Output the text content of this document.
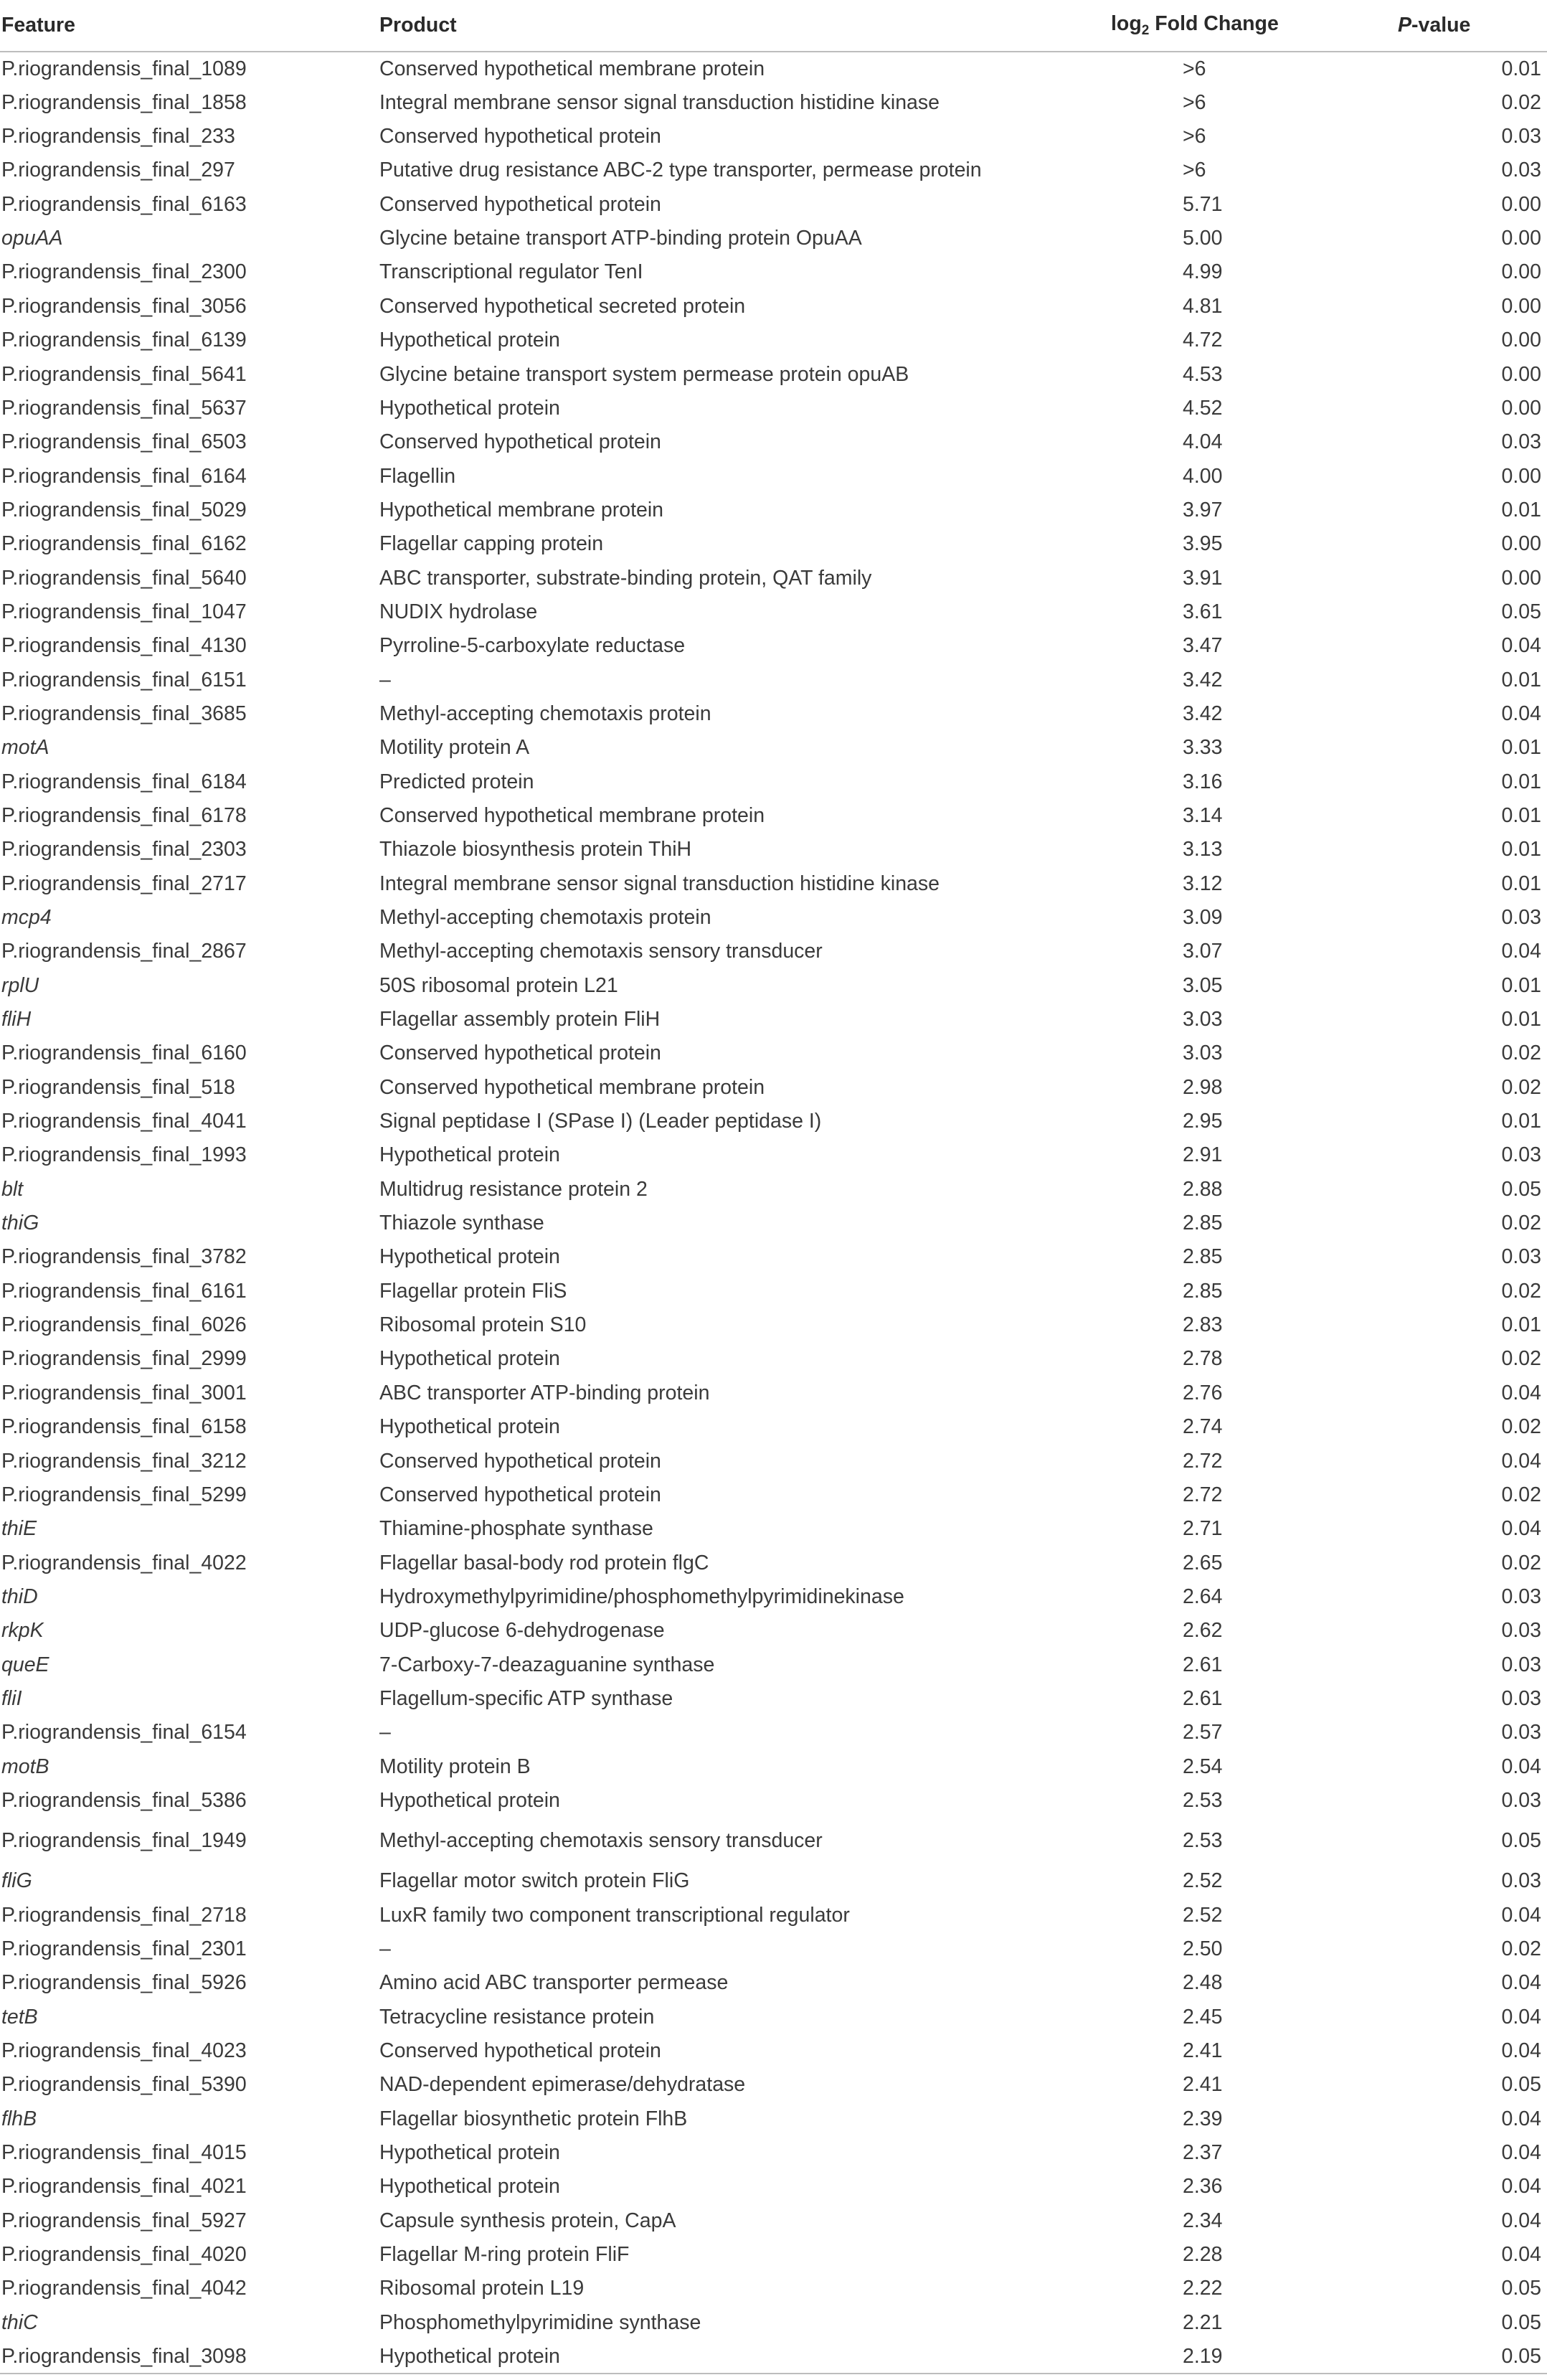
Feature	Product	$\log_2$ Fold Change	P-value
P.riograndensis_final_1089	Conserved hypothetical membrane protein	>6	0.01
P.riograndensis_final_1858	Integral membrane sensor signal transduction histidine kinase	>6	0.02
P.riograndensis_final_233	Conserved hypothetical protein	>6	0.03
P.riograndensis_final_297	Putative drug resistance ABC-2 type transporter, permease protein	>6	0.03
P.riograndensis_final_6163	Conserved hypothetical protein	5.71	0.00
opuAA	Glycine betaine transport ATP-binding protein OpuAA	5.00	0.00
P.riograndensis_final_2300	Transcriptional regulator TenI	4.99	0.00
P.riograndensis_final_3056	Conserved hypothetical secreted protein	4.81	0.00
P.riograndensis_final_6139	Hypothetical protein	4.72	0.00
P.riograndensis_final_5641	Glycine betaine transport system permease protein opuAB	4.53	0.00
P.riograndensis_final_5637	Hypothetical protein	4.52	0.00
P.riograndensis_final_6503	Conserved hypothetical protein	4.04	0.03
P.riograndensis_final_6164	Flagellin	4.00	0.00
P.riograndensis_final_5029	Hypothetical membrane protein	3.97	0.01
P.riograndensis_final_6162	Flagellar capping protein	3.95	0.00
P.riograndensis_final_5640	ABC transporter, substrate-binding protein, QAT family	3.91	0.00
P.riograndensis_final_1047	NUDIX hydrolase	3.61	0.05
P.riograndensis_final_4130	Pyrroline-5-carboxylate reductase	3.47	0.04
P.riograndensis_final_6151	–	3.42	0.01
P.riograndensis_final_3685	Methyl-accepting chemotaxis protein	3.42	0.04
motA	Motility protein A	3.33	0.01
P.riograndensis_final_6184	Predicted protein	3.16	0.01
P.riograndensis_final_6178	Conserved hypothetical membrane protein	3.14	0.01
P.riograndensis_final_2303	Thiazole biosynthesis protein ThiH	3.13	0.01
P.riograndensis_final_2717	Integral membrane sensor signal transduction histidine kinase	3.12	0.01
mcp4	Methyl-accepting chemotaxis protein	3.09	0.03
P.riograndensis_final_2867	Methyl-accepting chemotaxis sensory transducer	3.07	0.04
rplU	50S ribosomal protein L21	3.05	0.01
fliH	Flagellar assembly protein FliH	3.03	0.01
P.riograndensis_final_6160	Conserved hypothetical protein	3.03	0.02
P.riograndensis_final_518	Conserved hypothetical membrane protein	2.98	0.02
P.riograndensis_final_4041	Signal peptidase I (SPase I) (Leader peptidase I)	2.95	0.01
P.riograndensis_final_1993	Hypothetical protein	2.91	0.03
blt	Multidrug resistance protein 2	2.88	0.05
thiG	Thiazole synthase	2.85	0.02
P.riograndensis_final_3782	Hypothetical protein	2.85	0.03
P.riograndensis_final_6161	Flagellar protein FliS	2.85	0.02
P.riograndensis_final_6026	Ribosomal protein S10	2.83	0.01
P.riograndensis_final_2999	Hypothetical protein	2.78	0.02
P.riograndensis_final_3001	ABC transporter ATP-binding protein	2.76	0.04
P.riograndensis_final_6158	Hypothetical protein	2.74	0.02
P.riograndensis_final_3212	Conserved hypothetical protein	2.72	0.04
P.riograndensis_final_5299	Conserved hypothetical protein	2.72	0.02
thiE	Thiamine-phosphate synthase	2.71	0.04
P.riograndensis_final_4022	Flagellar basal-body rod protein flgC	2.65	0.02
thiD	Hydroxymethylpyrimidine/phosphomethylpyrimidinekinase	2.64	0.03
rkpK	UDP-glucose 6-dehydrogenase	2.62	0.03
queE	7-Carboxy-7-deazaguanine synthase	2.61	0.03
fliI	Flagellum-specific ATP synthase	2.61	0.03
P.riograndensis_final_6154	–	2.57	0.03
motB	Motility protein B	2.54	0.04
P.riograndensis_final_5386	Hypothetical protein	2.53	0.03
P.riograndensis_final_1949	Methyl-accepting chemotaxis sensory transducer	2.53	0.05
fliG	Flagellar motor switch protein FliG	2.52	0.03
P.riograndensis_final_2718	LuxR family two component transcriptional regulator	2.52	0.04
P.riograndensis_final_2301	–	2.50	0.02
P.riograndensis_final_5926	Amino acid ABC transporter permease	2.48	0.04
tetB	Tetracycline resistance protein	2.45	0.04
P.riograndensis_final_4023	Conserved hypothetical protein	2.41	0.04
P.riograndensis_final_5390	NAD-dependent epimerase/dehydratase	2.41	0.05
flhB	Flagellar biosynthetic protein FlhB	2.39	0.04
P.riograndensis_final_4015	Hypothetical protein	2.37	0.04
P.riograndensis_final_4021	Hypothetical protein	2.36	0.04
P.riograndensis_final_5927	Capsule synthesis protein, CapA	2.34	0.04
P.riograndensis_final_4020	Flagellar M-ring protein FliF	2.28	0.04
P.riograndensis_final_4042	Ribosomal protein L19	2.22	0.05
thiC	Phosphomethylpyrimidine synthase	2.21	0.05
P.riograndensis_final_3098	Hypothetical protein	2.19	0.05
